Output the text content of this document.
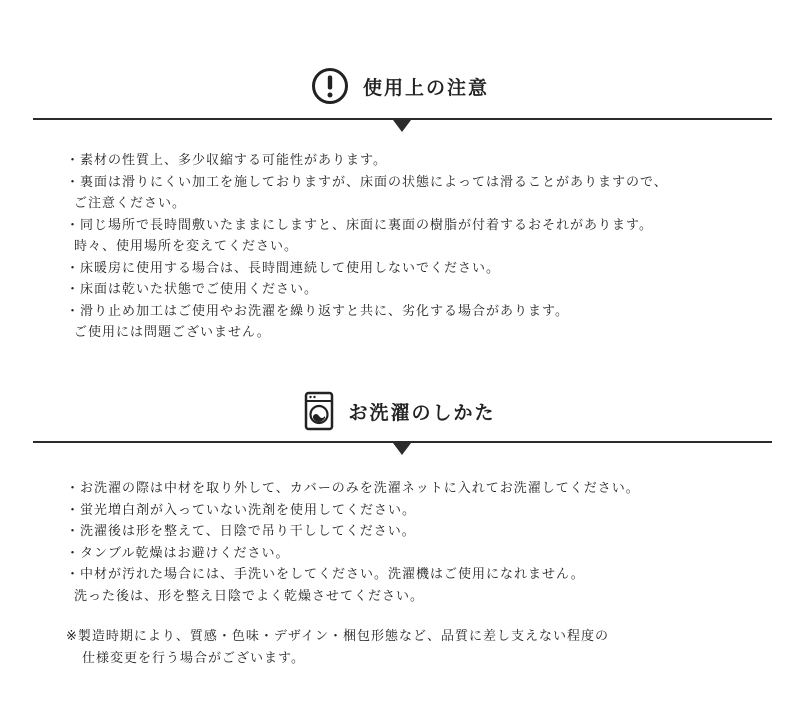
使用上の注意
・素材の性質上、多少収縮する可能性があります。
・裏面は滑りにくい加工を施しておりますが、床面の状態によっては滑ることがありますので、
ご注意ください。
・同じ場所で長時間敷いたままにしますと、床面に裏面の樹脂が付着するおそれがあります。
時々、使用場所を変えてください。
・床暖房に使用する場合は、長時間連続して使用しないでください。
・床面は乾いた状態でご使用ください。
・滑り止め加工はご使用やお洗濯を繰り返すと共に、劣化する場合があります。
ご使用には問題ございません。
お洗濯のしかた
・お洗濯の際は中材を取り外して、カバーのみを洗濯ネットに入れてお洗濯してください。
・蛍光増白剤が入っていない洗剤を使用してください。
・洗濯後は形を整えて、日陰で吊り干ししてください。
・タンブル乾燥はお避けください。
・中材が汚れた場合には、手洗いをしてください。洗濯機はご使用になれません。
洗った後は、形を整え日陰でよく乾燥させてください。
※製造時期により、質感・色味・デザイン・梱包形態など、品質に差し支えない程度の
仕様変更を行う場合がございます。
